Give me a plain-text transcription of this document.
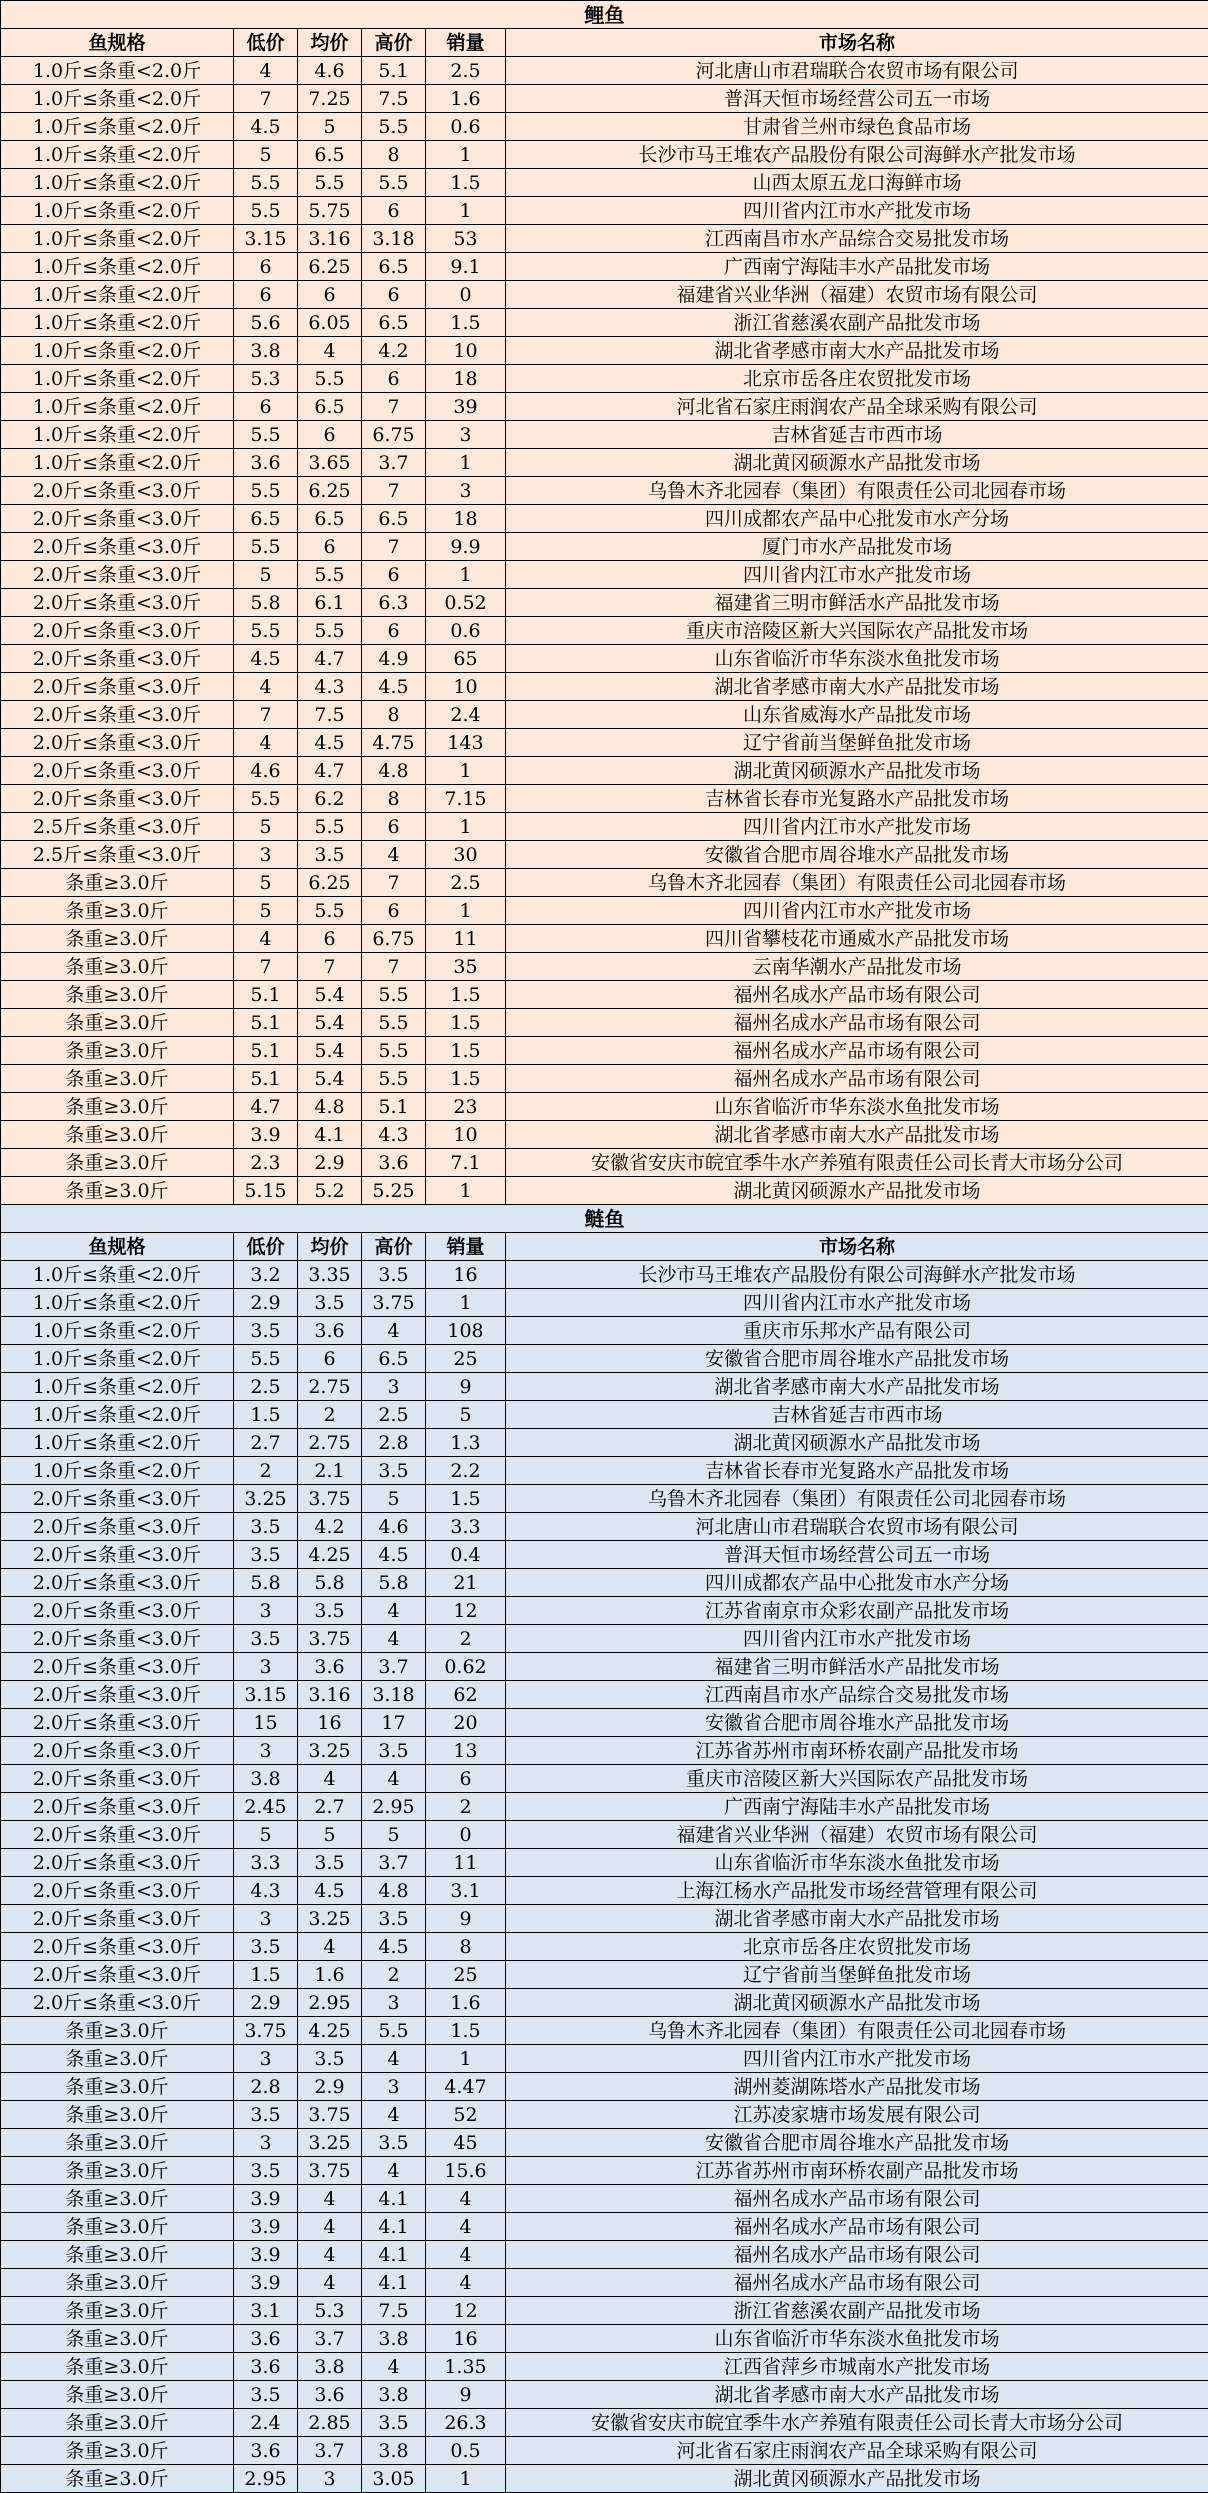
鲤鱼					
鱼规格	低价	均价	高价	销量	市场名称
1.0斤≤条重<2.0斤	4	4.6	5.1	2.5	河北唐山市君瑞联合农贸市场有限公司
1.0斤≤条重<2.0斤	7	7.25	7.5	1.6	普洱天恒市场经营公司五一市场
1.0斤≤条重<2.0斤	4.5	5	5.5	0.6	甘肃省兰州市绿色食品市场
1.0斤≤条重<2.0斤	5	6.5	8	1	长沙市马王堆农产品股份有限公司海鲜水产批发市场
1.0斤≤条重<2.0斤	5.5	5.5	5.5	1.5	山西太原五龙口海鲜市场
1.0斤≤条重<2.0斤	5.5	5.75	6	1	四川省内江市水产批发市场
1.0斤≤条重<2.0斤	3.15	3.16	3.18	53	江西南昌市水产品综合交易批发市场
1.0斤≤条重<2.0斤	6	6.25	6.5	9.1	广西南宁海陆丰水产品批发市场
1.0斤≤条重<2.0斤	6	6	6	0	福建省兴业华洲（福建）农贸市场有限公司
1.0斤≤条重<2.0斤	5.6	6.05	6.5	1.5	浙江省慈溪农副产品批发市场
1.0斤≤条重<2.0斤	3.8	4	4.2	10	湖北省孝感市南大水产品批发市场
1.0斤≤条重<2.0斤	5.3	5.5	6	18	北京市岳各庄农贸批发市场
1.0斤≤条重<2.0斤	6	6.5	7	39	河北省石家庄雨润农产品全球采购有限公司
1.0斤≤条重<2.0斤	5.5	6	6.75	3	吉林省延吉市西市场
1.0斤≤条重<2.0斤	3.6	3.65	3.7	1	湖北黄冈硕源水产品批发市场
2.0斤≤条重<3.0斤	5.5	6.25	7	3	乌鲁木齐北园春（集团）有限责任公司北园春市场
2.0斤≤条重<3.0斤	6.5	6.5	6.5	18	四川成都农产品中心批发市水产分场
2.0斤≤条重<3.0斤	5.5	6	7	9.9	厦门市水产品批发市场
2.0斤≤条重<3.0斤	5	5.5	6	1	四川省内江市水产批发市场
2.0斤≤条重<3.0斤	5.8	6.1	6.3	0.52	福建省三明市鲜活水产品批发市场
2.0斤≤条重<3.0斤	5.5	5.5	6	0.6	重庆市涪陵区新大兴国际农产品批发市场
2.0斤≤条重<3.0斤	4.5	4.7	4.9	65	山东省临沂市华东淡水鱼批发市场
2.0斤≤条重<3.0斤	4	4.3	4.5	10	湖北省孝感市南大水产品批发市场
2.0斤≤条重<3.0斤	7	7.5	8	2.4	山东省威海水产品批发市场
2.0斤≤条重<3.0斤	4	4.5	4.75	143	辽宁省前当堡鲜鱼批发市场
2.0斤≤条重<3.0斤	4.6	4.7	4.8	1	湖北黄冈硕源水产品批发市场
2.0斤≤条重<3.0斤	5.5	6.2	8	7.15	吉林省长春市光复路水产品批发市场
2.5斤≤条重<3.0斤	5	5.5	6	1	四川省内江市水产批发市场
2.5斤≤条重<3.0斤	3	3.5	4	30	安徽省合肥市周谷堆水产品批发市场
条重≥3.0斤	5	6.25	7	2.5	乌鲁木齐北园春（集团）有限责任公司北园春市场
条重≥3.0斤	5	5.5	6	1	四川省内江市水产批发市场
条重≥3.0斤	4	6	6.75	11	四川省攀枝花市通威水产品批发市场
条重≥3.0斤	7	7	7	35	云南华潮水产品批发市场
条重≥3.0斤	5.1	5.4	5.5	1.5	福州名成水产品市场有限公司
条重≥3.0斤	5.1	5.4	5.5	1.5	福州名成水产品市场有限公司
条重≥3.0斤	5.1	5.4	5.5	1.5	福州名成水产品市场有限公司
条重≥3.0斤	5.1	5.4	5.5	1.5	福州名成水产品市场有限公司
条重≥3.0斤	4.7	4.8	5.1	23	山东省临沂市华东淡水鱼批发市场
条重≥3.0斤	3.9	4.1	4.3	10	湖北省孝感市南大水产品批发市场
条重≥3.0斤	2.3	2.9	3.6	7.1	安徽省安庆市皖宜季牛水产养殖有限责任公司长青大市场分公司
条重≥3.0斤	5.15	5.2	5.25	1	湖北黄冈硕源水产品批发市场
鲢鱼					
鱼规格	低价	均价	高价	销量	市场名称
1.0斤≤条重<2.0斤	3.2	3.35	3.5	16	长沙市马王堆农产品股份有限公司海鲜水产批发市场
1.0斤≤条重<2.0斤	2.9	3.5	3.75	1	四川省内江市水产批发市场
1.0斤≤条重<2.0斤	3.5	3.6	4	108	重庆市乐邦水产品有限公司
1.0斤≤条重<2.0斤	5.5	6	6.5	25	安徽省合肥市周谷堆水产品批发市场
1.0斤≤条重<2.0斤	2.5	2.75	3	9	湖北省孝感市南大水产品批发市场
1.0斤≤条重<2.0斤	1.5	2	2.5	5	吉林省延吉市西市场
1.0斤≤条重<2.0斤	2.7	2.75	2.8	1.3	湖北黄冈硕源水产品批发市场
1.0斤≤条重<2.0斤	2	2.1	3.5	2.2	吉林省长春市光复路水产品批发市场
2.0斤≤条重<3.0斤	3.25	3.75	5	1.5	乌鲁木齐北园春（集团）有限责任公司北园春市场
2.0斤≤条重<3.0斤	3.5	4.2	4.6	3.3	河北唐山市君瑞联合农贸市场有限公司
2.0斤≤条重<3.0斤	3.5	4.25	4.5	0.4	普洱天恒市场经营公司五一市场
2.0斤≤条重<3.0斤	5.8	5.8	5.8	21	四川成都农产品中心批发市水产分场
2.0斤≤条重<3.0斤	3	3.5	4	12	江苏省南京市众彩农副产品批发市场
2.0斤≤条重<3.0斤	3.5	3.75	4	2	四川省内江市水产批发市场
2.0斤≤条重<3.0斤	3	3.6	3.7	0.62	福建省三明市鲜活水产品批发市场
2.0斤≤条重<3.0斤	3.15	3.16	3.18	62	江西南昌市水产品综合交易批发市场
2.0斤≤条重<3.0斤	15	16	17	20	安徽省合肥市周谷堆水产品批发市场
2.0斤≤条重<3.0斤	3	3.25	3.5	13	江苏省苏州市南环桥农副产品批发市场
2.0斤≤条重<3.0斤	3.8	4	4	6	重庆市涪陵区新大兴国际农产品批发市场
2.0斤≤条重<3.0斤	2.45	2.7	2.95	2	广西南宁海陆丰水产品批发市场
2.0斤≤条重<3.0斤	5	5	5	0	福建省兴业华洲（福建）农贸市场有限公司
2.0斤≤条重<3.0斤	3.3	3.5	3.7	11	山东省临沂市华东淡水鱼批发市场
2.0斤≤条重<3.0斤	4.3	4.5	4.8	3.1	上海江杨水产品批发市场经营管理有限公司
2.0斤≤条重<3.0斤	3	3.25	3.5	9	湖北省孝感市南大水产品批发市场
2.0斤≤条重<3.0斤	3.5	4	4.5	8	北京市岳各庄农贸批发市场
2.0斤≤条重<3.0斤	1.5	1.6	2	25	辽宁省前当堡鲜鱼批发市场
2.0斤≤条重<3.0斤	2.9	2.95	3	1.6	湖北黄冈硕源水产品批发市场
条重≥3.0斤	3.75	4.25	5.5	1.5	乌鲁木齐北园春（集团）有限责任公司北园春市场
条重≥3.0斤	3	3.5	4	1	四川省内江市水产批发市场
条重≥3.0斤	2.8	2.9	3	4.47	湖州菱湖陈塔水产品批发市场
条重≥3.0斤	3.5	3.75	4	52	江苏凌家塘市场发展有限公司
条重≥3.0斤	3	3.25	3.5	45	安徽省合肥市周谷堆水产品批发市场
条重≥3.0斤	3.5	3.75	4	15.6	江苏省苏州市南环桥农副产品批发市场
条重≥3.0斤	3.9	4	4.1	4	福州名成水产品市场有限公司
条重≥3.0斤	3.9	4	4.1	4	福州名成水产品市场有限公司
条重≥3.0斤	3.9	4	4.1	4	福州名成水产品市场有限公司
条重≥3.0斤	3.9	4	4.1	4	福州名成水产品市场有限公司
条重≥3.0斤	3.1	5.3	7.5	12	浙江省慈溪农副产品批发市场
条重≥3.0斤	3.6	3.7	3.8	16	山东省临沂市华东淡水鱼批发市场
条重≥3.0斤	3.6	3.8	4	1.35	江西省萍乡市城南水产批发市场
条重≥3.0斤	3.5	3.6	3.8	9	湖北省孝感市南大水产品批发市场
条重≥3.0斤	2.4	2.85	3.5	26.3	安徽省安庆市皖宜季牛水产养殖有限责任公司长青大市场分公司
条重≥3.0斤	3.6	3.7	3.8	0.5	河北省石家庄雨润农产品全球采购有限公司
条重≥3.0斤	2.95	3	3.05	1	湖北黄冈硕源水产品批发市场
